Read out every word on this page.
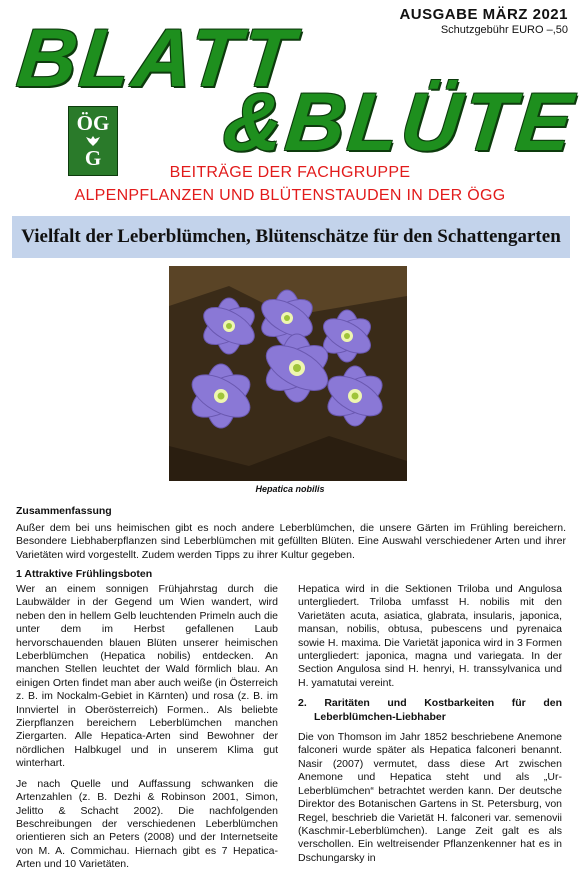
BLATT
&BLÜTE
AUSGABE MÄRZ 2021
Schutzgebühr EURO –,50
ÖG
G
BEITRÄGE DER FACHGRUPPE
ALPENPFLANZEN UND BLÜTENSTAUDEN IN DER ÖGG
Vielfalt der Leberblümchen, Blütenschätze für den Schattengarten
Hepatica nobilis
Zusammenfassung
Außer dem bei uns heimischen gibt es noch andere Leberblümchen, die unsere Gärten im Frühling bereichern. Besondere Liebhaberpflanzen sind Leberblümchen mit gefüllten Blüten. Eine Auswahl verschiedener Arten und ihrer Varietäten wird vorgestellt. Zudem werden Tipps zu ihrer Kultur gegeben.
1 Attraktive Frühlingsboten

Wer an einem sonnigen Frühjahrstag durch die Laubwälder in der Gegend um Wien wandert, wird neben den in hellem Gelb leuchtenden Primeln auch die unter dem im Herbst gefallenen Laub hervorschauenden blauen Blüten unserer heimischen Leberblümchen (Hepatica nobilis) entdecken. An manchen Stellen leuchtet der Wald förmlich blau. An einigen Orten findet man aber auch weiße (in Österreich z. B. im Nockalm-Gebiet in Kärnten) und rosa (z. B. im Innviertel in Oberösterreich) Formen.. Als beliebte Zierpflanzen bereichern Leberblümchen manchen Ziergarten. Alle Hepatica-Arten sind Bewohner der nördlichen Halbkugel und in unserem Klima gut winterhart.

Je nach Quelle und Auffassung schwanken die Artenzahlen (z. B. Dezhi & Robinson 2001, Simon, Jelitto & Schacht 2002). Die nachfolgenden Beschreibungen der verschiedenen Leberblümchen orientieren sich an Peters (2008) und der Internetseite von M. A. Commichau. Hiernach gibt es 7 Hepatica-Arten und 10 Varietäten.

Hepatica wird in die Sektionen Triloba und Angulosa untergliedert. Triloba umfasst H. nobilis mit den Varietäten acuta, asiatica, glabrata, insularis, japonica, mansan, nobilis, obtusa, pubescens und pyrenaica sowie H. maxima. Die Varietät japonica wird in 3 Formen untergliedert: japonica, magna und variegata. In der Section Angulosa sind H. henryi, H. transsylvanica und H. yamatutai vereint.

2. Raritäten und Kostbarkeiten für den Leberblümchen-Liebhaber

Die von Thomson im Jahr 1852 beschriebene Anemone falconeri wurde später als Hepatica falconeri benannt. Nasir (2007) vermutet, dass diese Art zwischen Anemone und Hepatica steht und als „Ur-Leberblümchen“ betrachtet werden kann. Der deutsche Direktor des Botanischen Gartens in St. Petersburg, von Regel, beschrieb die Varietät H. falconeri var. semenovii (Kaschmir-Leberblümchen). Lange Zeit galt es als verschollen. Ein weltreisender Pflanzenkenner hat es in Dschungarsky in
